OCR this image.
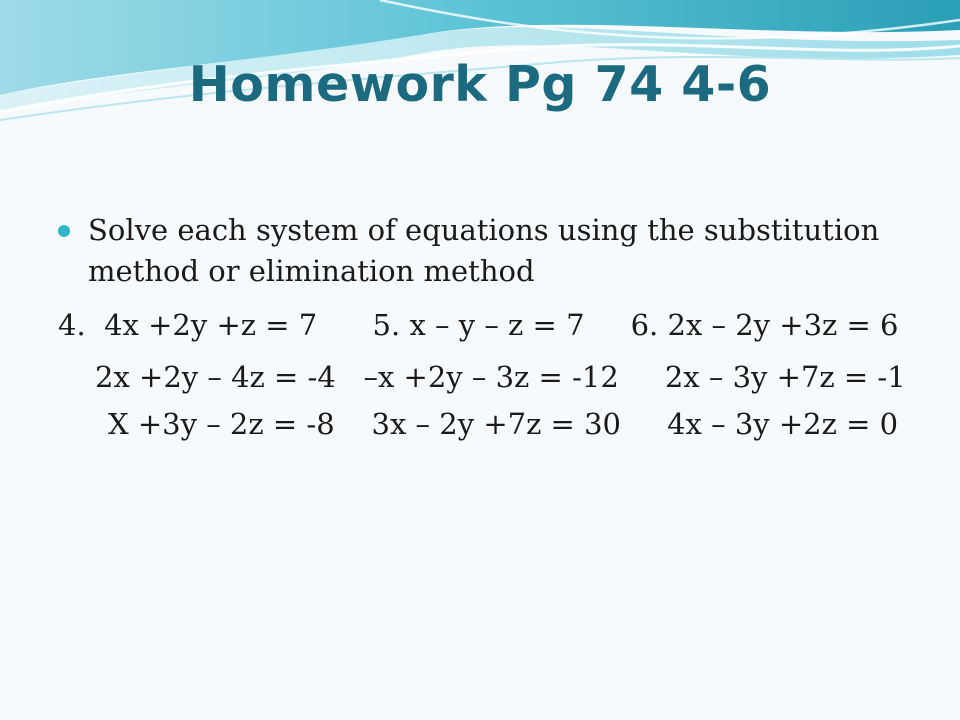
Homework Pg 74 4-6

Solve each system of equations using the substitution method or elimination method

4.  4x +2y +z = 7      5. x – y – z = 7     6. 2x – 2y +3z = 6

2x +2y – 4z = -4   –x +2y – 3z = -12     2x – 3y +7z = -1

X +3y – 2z = -8    3x – 2y +7z = 30     4x – 3y +2z = 0
